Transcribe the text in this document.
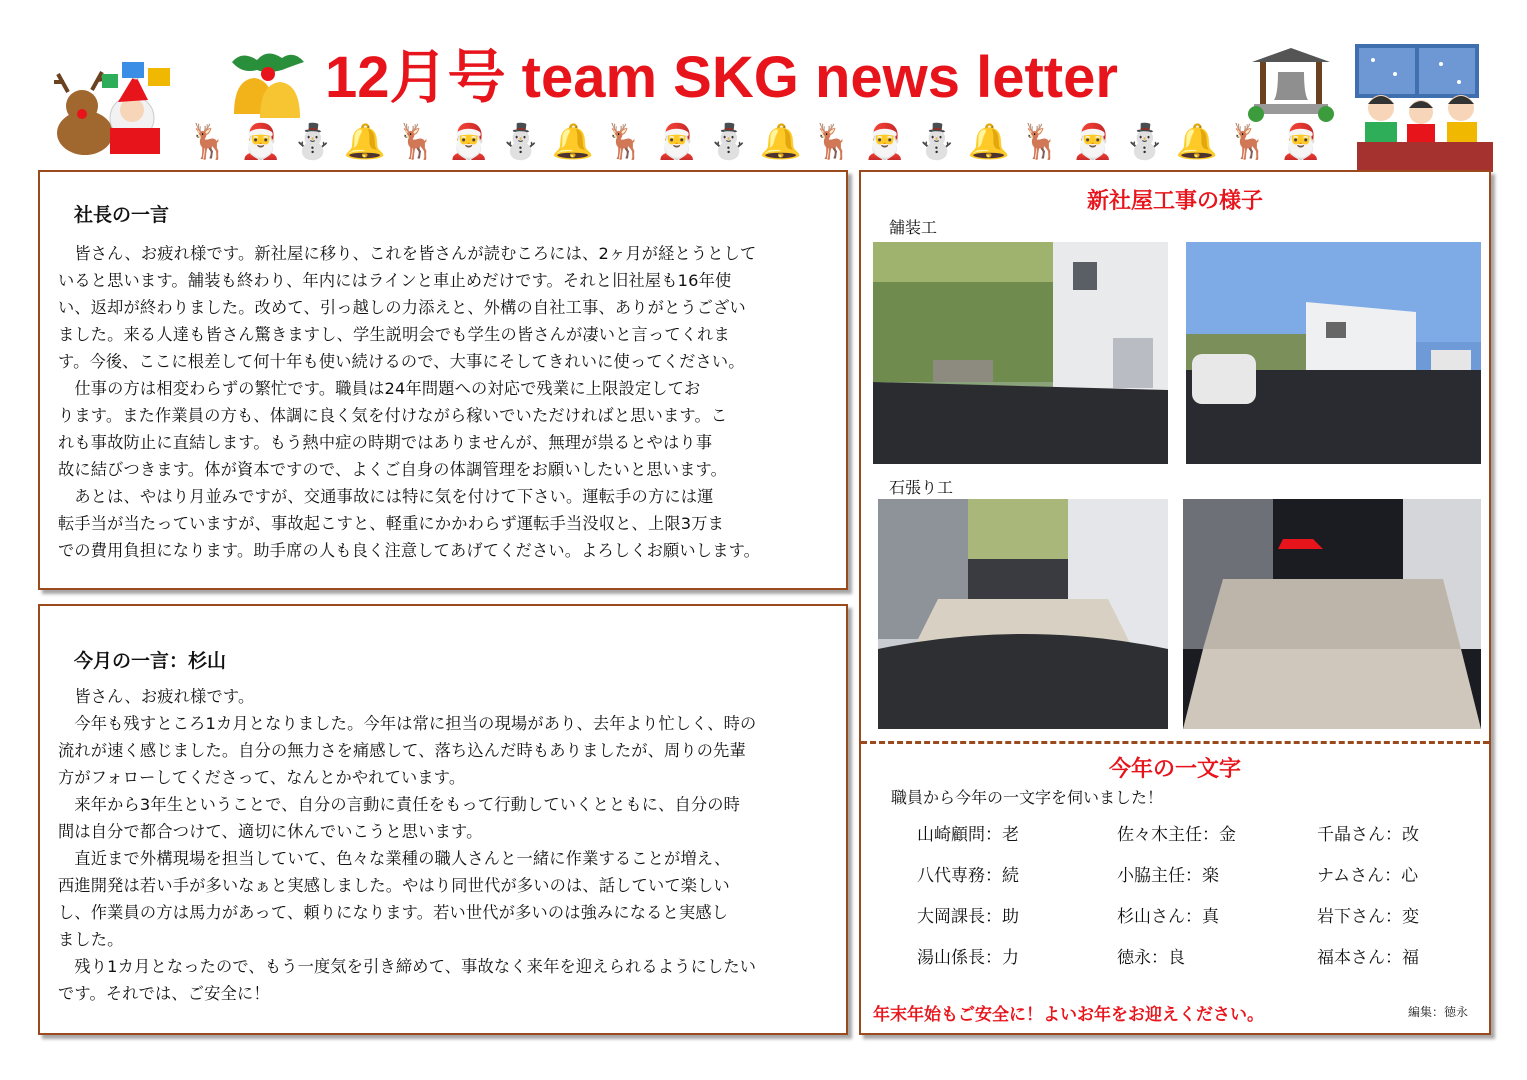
12月号 team SKG news letter
🦌 🎅 ⛄ 🔔 🦌 🎅 ⛄ 🔔 🦌 🎅 ⛄ 🔔 🦌 🎅 ⛄ 🔔 🦌 🎅 ⛄ 🔔 🦌 🎅
社長の一言
　皆さん、お疲れ様です。新社屋に移り、これを皆さんが読むころには、2ヶ月が経とうとして
いると思います。舗装も終わり、年内にはラインと車止めだけです。それと旧社屋も16年使
い、返却が終わりました。改めて、引っ越しの力添えと、外構の自社工事、ありがとうござい
ました。来る人達も皆さん驚きますし、学生説明会でも学生の皆さんが凄いと言ってくれま
す。今後、ここに根差して何十年も使い続けるので、大事にそしてきれいに使ってください。
　仕事の方は相変わらずの繁忙です。職員は24年問題への対応で残業に上限設定してお
ります。また作業員の方も、体調に良く気を付けながら稼いでいただければと思います。こ
れも事故防止に直結します。もう熱中症の時期ではありませんが、無理が祟るとやはり事
故に結びつきます。体が資本ですので、よくご自身の体調管理をお願いしたいと思います。
　あとは、やはり月並みですが、交通事故には特に気を付けて下さい。運転手の方には運
転手当が当たっていますが、事故起こすと、軽重にかかわらず運転手当没収と、上限3万ま
での費用負担になります。助手席の人も良く注意してあげてください。よろしくお願いします。
今月の一言：杉山
　皆さん、お疲れ様です。
　今年も残すところ1カ月となりました。今年は常に担当の現場があり、去年より忙しく、時の
流れが速く感じました。自分の無力さを痛感して、落ち込んだ時もありましたが、周りの先輩
方がフォローしてくださって、なんとかやれています。
　来年から3年生ということで、自分の言動に責任をもって行動していくとともに、自分の時
間は自分で都合つけて、適切に休んでいこうと思います。
　直近まで外構現場を担当していて、色々な業種の職人さんと一緒に作業することが増え、
西進開発は若い手が多いなぁと実感しました。やはり同世代が多いのは、話していて楽しい
し、作業員の方は馬力があって、頼りになります。若い世代が多いのは強みになると実感し
ました。
　残り1カ月となったので、もう一度気を引き締めて、事故なく来年を迎えられるようにしたい
です。それでは、ご安全に！
新社屋工事の様子
舗装工
石張り工
今年の一文字
職員から今年の一文字を伺いました！
山崎顧問：老	佐々木主任：金	千晶さん：改
八代専務：続	小脇主任：楽	ナムさん：心
大岡課長：助	杉山さん：真	岩下さん：変
湯山係長：力	徳永：良	福本さん：福
年末年始もご安全に！よいお年をお迎えください。	編集：徳永
